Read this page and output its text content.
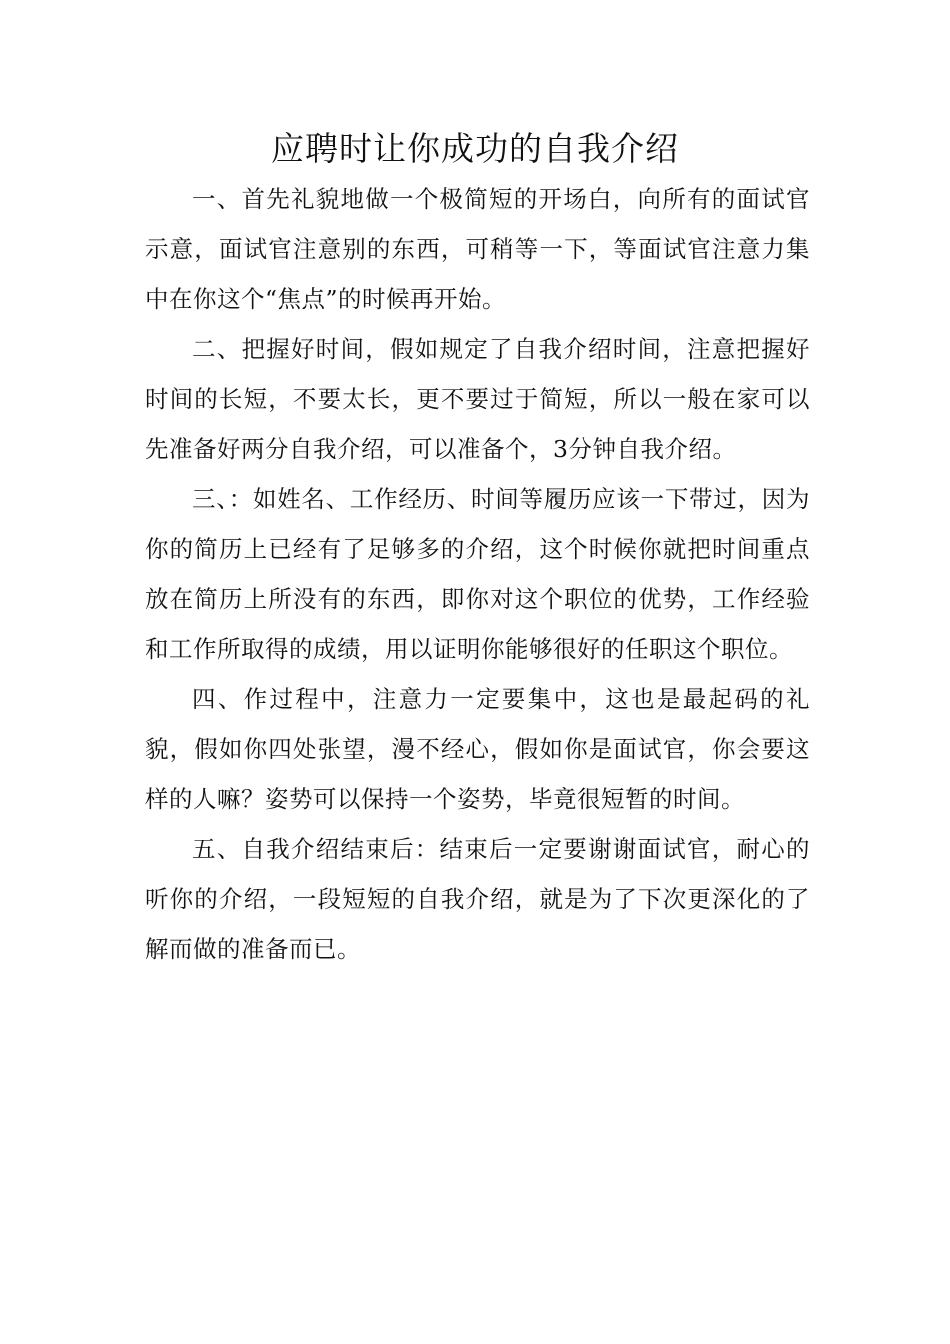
应聘时让你成功的自我介绍

一、首先礼貌地做一个极简短的开场白，向所有的面试官示意，面试官注意别的东西，可稍等一下，等面试官注意力集中在你这个“焦点”的时候再开始。

二、把握好时间，假如规定了自我介绍时间，注意把握好时间的长短，不要太长，更不要过于简短，所以一般在家可以先准备好两分自我介绍，可以准备个，3分钟自我介绍。

三、：如姓名、工作经历、时间等履历应该一下带过，因为你的简历上已经有了足够多的介绍，这个时候你就把时间重点放在简历上所没有的东西，即你对这个职位的优势，工作经验和工作所取得的成绩，用以证明你能够很好的任职这个职位。

四、作过程中，注意力一定要集中，这也是最起码的礼貌，假如你四处张望，漫不经心，假如你是面试官，你会要这样的人嘛？姿势可以保持一个姿势，毕竟很短暂的时间。

五、自我介绍结束后：结束后一定要谢谢面试官，耐心的听你的介绍，一段短短的自我介绍，就是为了下次更深化的了解而做的准备而已。
